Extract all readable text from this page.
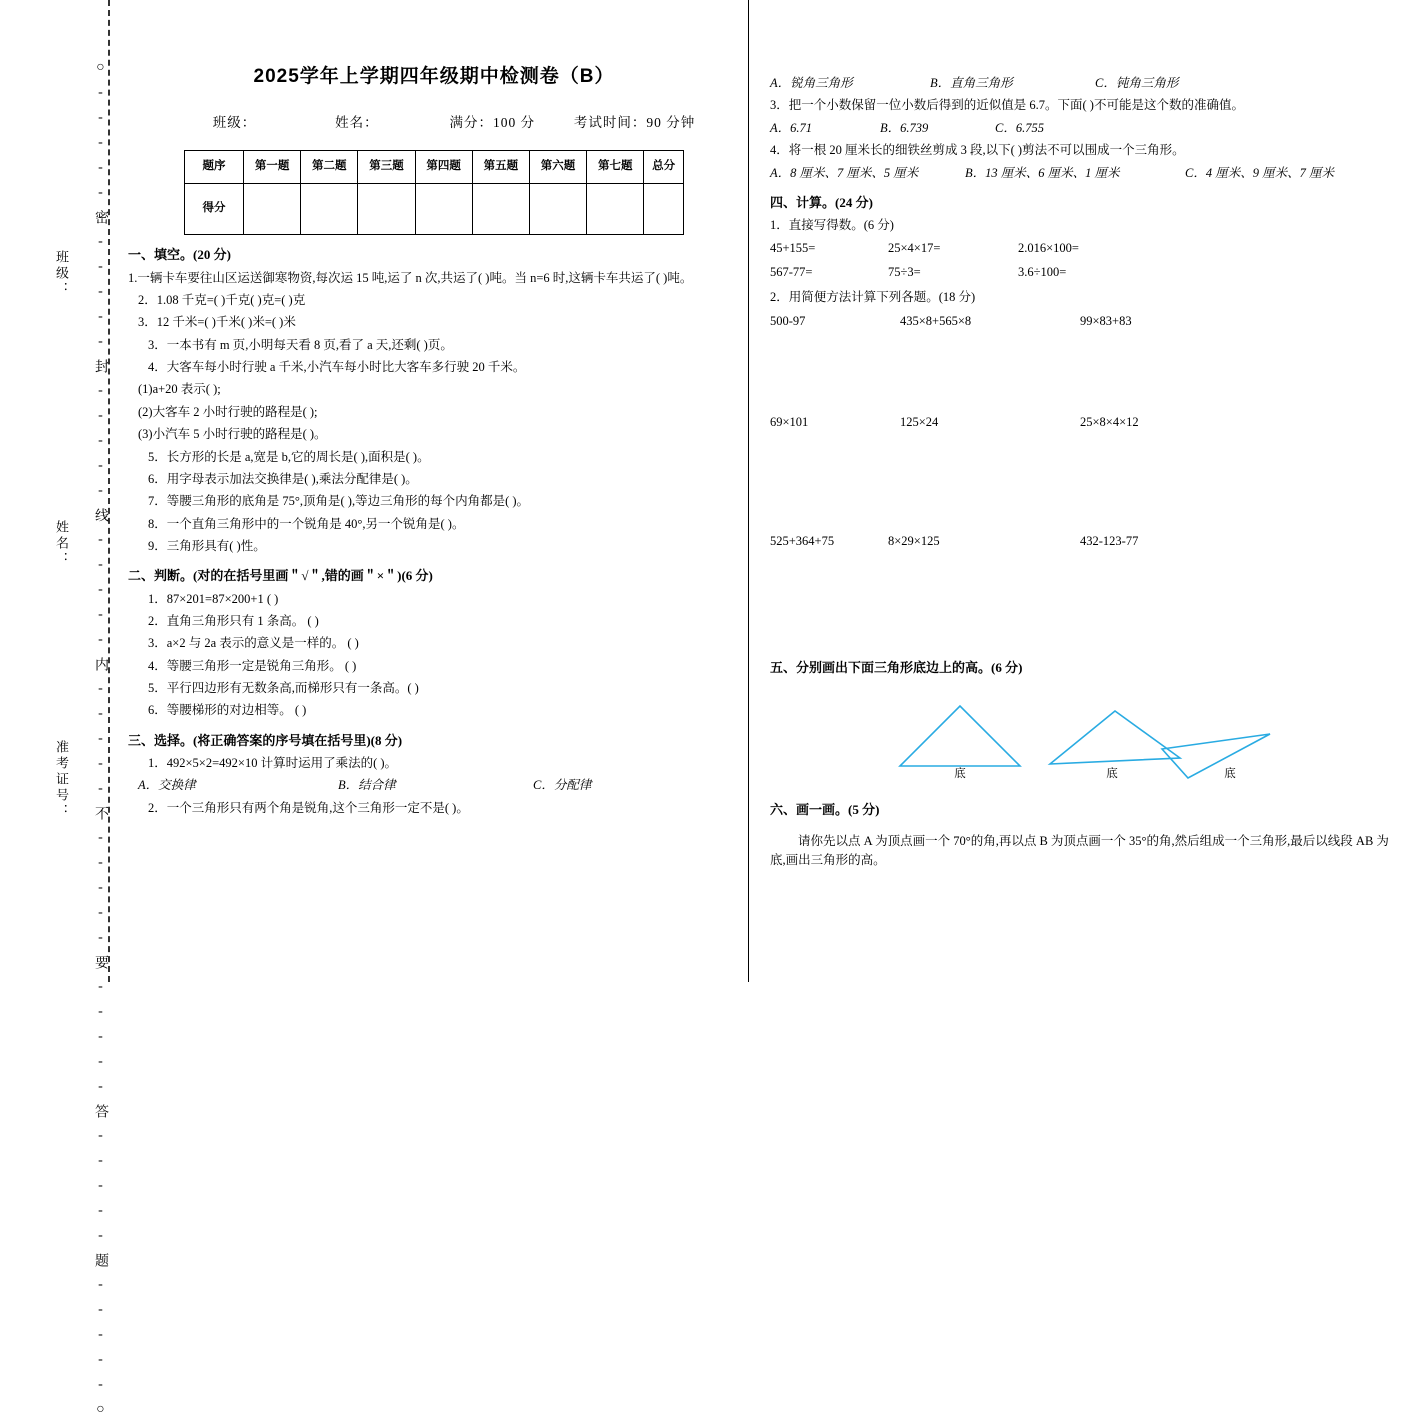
班级：
姓名：
准考证号： ○-----密-----封-----线-----内-----不-----要-----答-----题-----○	2025学年上学期四年级期中检测卷（B）
班级：	姓名：	满分：100 分	考试时间：90 分钟
题序	第一题	第二题	第三题	第四题	第五题	第六题	第七题	总分
得分								

一、填空。(20 分)

1.一辆卡车要往山区运送御寒物资,每次运 15 吨,运了 n 次,共运了( )吨。当 n=6 时,这辆卡车共运了( )吨。

2．1.08 千克=( )千克( )克=( )克

3．12 千米=( )千米( )米=( )米

3．一本书有 m 页,小明每天看 8 页,看了 a 天,还剩( )页。

4．大客车每小时行驶 a 千米,小汽车每小时比大客车多行驶 20 千米。

(1)a+20 表示( );

(2)大客车 2 小时行驶的路程是( );

(3)小汽车 5 小时行驶的路程是( )。

5．长方形的长是 a,宽是 b,它的周长是( ),面积是( )。

6．用字母表示加法交换律是( ),乘法分配律是( )。

7．等腰三角形的底角是 75°,顶角是( ),等边三角形的每个内角都是( )。

8．一个直角三角形中的一个锐角是 40°,另一个锐角是( )。

9．三角形具有( )性。

二、判断。(对的在括号里画＂√＂,错的画＂×＂)(6 分)

1．87×201=87×200+1 ( )

2．直角三角形只有 1 条高。 ( )

3．a×2 与 2a 表示的意义是一样的。 ( )

4．等腰三角形一定是锐角三角形。 ( )

5．平行四边形有无数条高,而梯形只有一条高。( )

6．等腰梯形的对边相等。 ( )

三、选择。(将正确答案的序号填在括号里)(8 分)

1．492×5×2=492×10 计算时运用了乘法的( )。

A．交换律	B．结合律	C．分配律

2．一个三角形只有两个角是锐角,这个三角形一定不是( )。

A．锐角三角形	B．直角三角形	C．钝角三角形

3．把一个小数保留一位小数后得到的近似值是 6.7。下面( )不可能是这个数的准确值。

A．6.71	B．6.739	C．6.755

4．将一根 20 厘米长的细铁丝剪成 3 段,以下( )剪法不可以围成一个三角形。

A．8 厘米、7 厘米、5 厘米	B．13 厘米、6 厘米、1 厘米	C．4 厘米、9 厘米、7 厘米

四、计算。(24 分)

1．直接写得数。(6 分)

45+155=	25×4×17=	2.016×100=

567-77=	75÷3=	3.6÷100=

2．用简便方法计算下列各题。(18 分)

500-97	435×8+565×8	99×83+83

69×101	125×24	25×8×4×12

525+364+75	8×29×125	432-123-77

五、分别画出下面三角形底边上的高。(6 分)

底	底	底

六、画一画。(5 分)

请你先以点 A 为顶点画一个 70°的角,再以点 B 为顶点画一个 35°的角,然后组成一个三角形,最后以线段 AB 为底,画出三角形的高。
